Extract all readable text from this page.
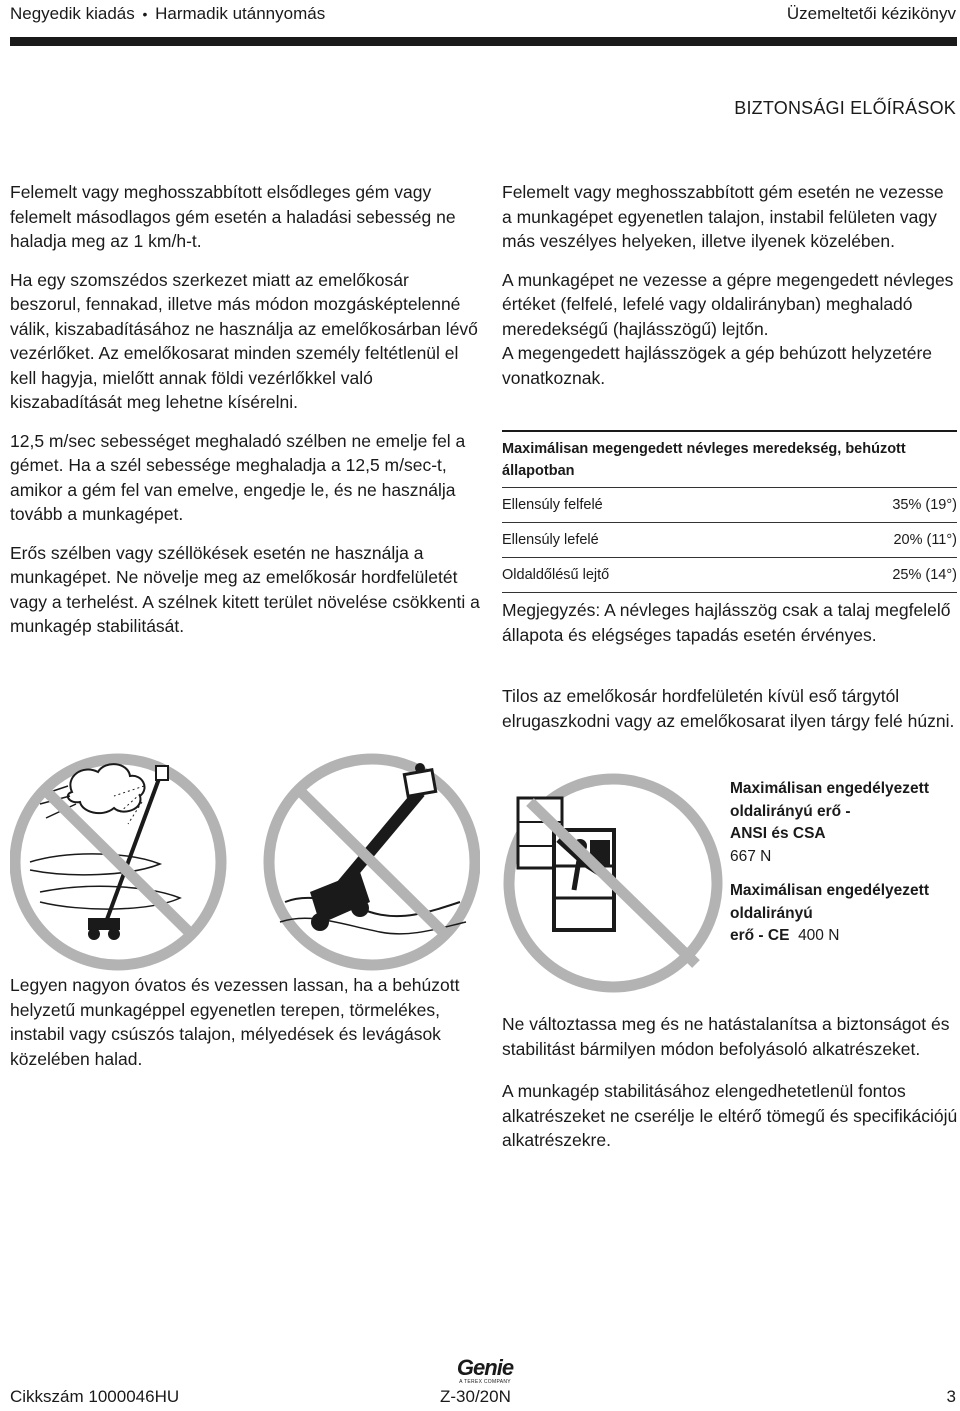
Negyedik kiadás • Harmadik utánnyomás	Üzemeltetői kézikönyv
BIZTONSÁGI ELŐÍRÁSOK

Felemelt vagy meghosszabbított elsődleges gém vagy felemelt másodlagos gém esetén a haladási sebesség ne haladja meg az 1 km/h-t.

Ha egy szomszédos szerkezet miatt az emelőkosár beszorul, fennakad, illetve más módon mozgásképtelenné válik, kiszabadításához ne használja az emelőkosárban lévő vezérlőket. Az emelőkosarat minden személy feltétlenül el kell hagyja, mielőtt annak földi vezérlőkkel való kiszabadítását meg lehetne kísérelni.

12,5 m/sec sebességet meghaladó szélben ne emelje fel a gémet. Ha a szél sebessége meghaladja a 12,5 m/sec-t, amikor a gém fel van emelve, engedje le, és ne használja tovább a munkagépet.

Erős szélben vagy széllökések esetén ne használja a munkagépet. Ne növelje meg az emelőkosár hordfelületét vagy a terhelést. A szélnek kitett terület növelése csökkenti a munkagép stabilitását.

Legyen nagyon óvatos és vezessen lassan, ha a behúzott helyzetű munkagéppel egyenetlen terepen, törmelékes, instabil vagy csúszós talajon, mélyedések és levágások közelében halad.

Felemelt vagy meghosszabbított gém esetén ne vezesse a munkagépet egyenetlen talajon, instabil felületen vagy más veszélyes helyeken, illetve ilyenek közelében.

A munkagépet ne vezesse a gépre megengedett névleges értéket (felfelé, lefelé vagy oldalirányban) meghaladó meredekségű (hajlásszögű) lejtőn.

A megengedett hajlásszögek a gép behúzott helyzetére vonatkoznak.

Maximálisan megengedett névleges meredekség, behúzott állapotban
Ellensúly felfelé	35% (19°)
Ellensúly lefelé	20% (11°)
Oldaldőlésű lejtő	25% (14°)
Megjegyzés: A névleges hajlásszög csak a talaj megfelelő állapota és elégséges tapadás esetén érvényes.
Tilos az emelőkosár hordfelületén kívül eső tárgytól elrugaszkodni vagy az emelőkosarat ilyen tárgy felé húzni.

Maximálisan engedélyezett oldalirányú erő -

ANSI és CSA

667 N

Maximálisan engedélyezett oldalirányú

erő - CE 400 N

Ne változtassa meg és ne hatástalanítsa a biztonságot és stabilitást bármilyen módon befolyásoló alkatrészeket.

A munkagép stabilitásához elengedhetetlenül fontos alkatrészeket ne cserélje le eltérő tömegű és specifikációjú alkatrészekre.

Genie
A TEREX COMPANY
Cikkszám 1000046HU	Z-30/20N	3
